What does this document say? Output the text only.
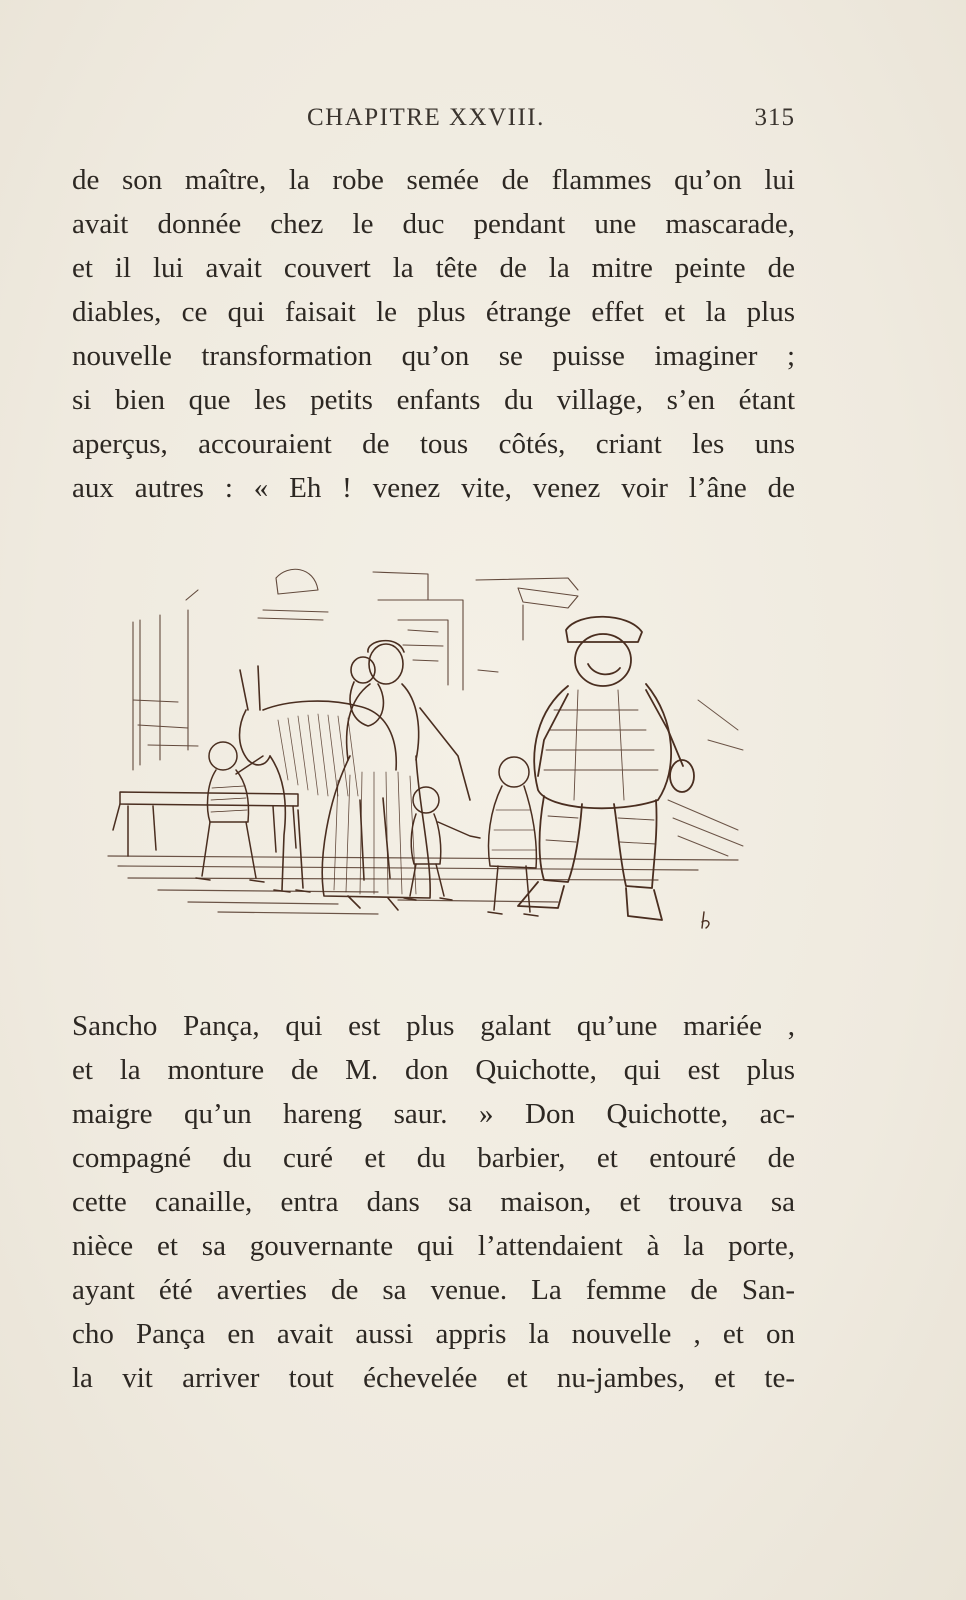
CHAPITRE XXVIII.	315
de son maître, la robe semée de flammes qu’on lui
avait donnée chez le duc pendant une mascarade,
et il lui avait couvert la tête de la mitre peinte de
diables, ce qui faisait le plus étrange effet et la plus
nouvelle transformation qu’on se puisse imaginer ;
si bien que les petits enfants du village, s’en étant
aperçus, accouraient de tous côtés, criant les uns
aux autres : « Eh ! venez vite, venez voir l’âne de
Sancho Pança, qui est plus galant qu’une mariée ,
et la monture de M. don Quichotte, qui est plus
maigre qu’un hareng saur. » Don Quichotte, ac-
compagné du curé et du barbier, et entouré de
cette canaille, entra dans sa maison, et trouva sa
nièce et sa gouvernante qui l’attendaient à la porte,
ayant été averties de sa venue. La femme de San-
cho Pança en avait aussi appris la nouvelle , et on
la vit arriver tout échevelée et nu-jambes, et te-
